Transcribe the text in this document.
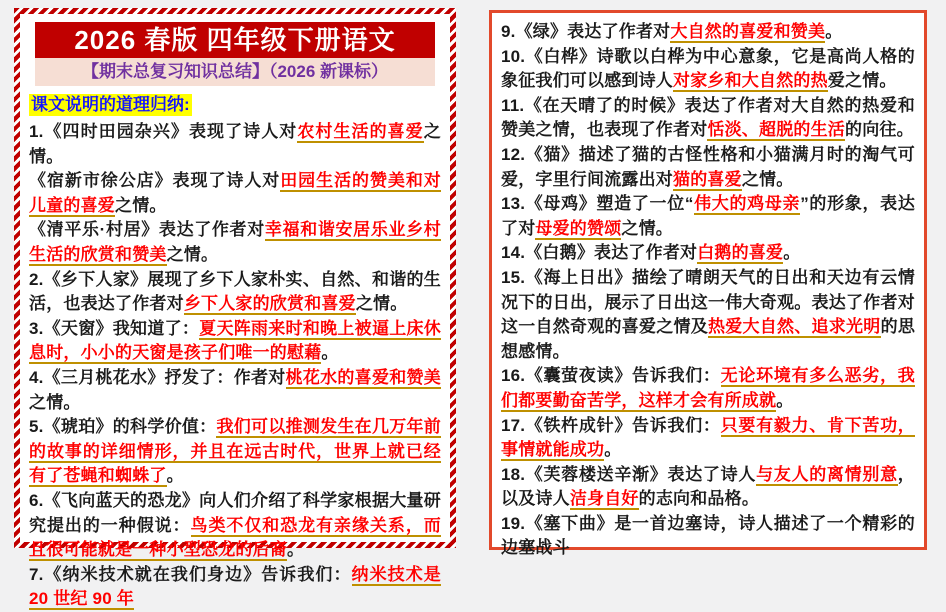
2026 春版 四年级下册语文
【期末总复习知识总结】（2026 新课标）
课文说明的道理归纳:

1.《四时田园杂兴》表现了诗人对农村生活的喜爱之情。

《宿新市徐公店》表现了诗人对田园生活的赞美和对儿童的喜爱之情。

《清平乐·村居》表达了作者对幸福和谐安居乐业乡村生活的欣赏和赞美之情。

2.《乡下人家》展现了乡下人家朴实、自然、和谐的生活，也表达了作者对乡下人家的欣赏和喜爱之情。

3.《天窗》我知道了：夏天阵雨来时和晚上被逼上床休息时，小小的天窗是孩子们唯一的慰藉。

4.《三月桃花水》抒发了：作者对桃花水的喜爱和赞美之情。

5.《琥珀》的科学价值：我们可以推测发生在几万年前的故事的详细情形，并且在远古时代，世界上就已经有了苍蝇和蜘蛛了。

6.《飞向蓝天的恐龙》向人们介绍了科学家根据大量研究提出的一种假说：鸟类不仅和恐龙有亲缘关系，而且很可能就是一种小型恐龙的后裔。

7.《纳米技术就在我们身边》告诉我们：纳米技术是 20 世纪 90 年

9.《绿》表达了作者对大自然的喜爱和赞美。

10.《白桦》诗歌以白桦为中心意象，它是高尚人格的象征我们可以感到诗人对家乡和大自然的热爱之情。

11.《在天晴了的时候》表达了作者对大自然的热爱和赞美之情，也表现了作者对恬淡、超脱的生活的向往。

12.《猫》描述了猫的古怪性格和小猫满月时的淘气可爱，字里行间流露出对猫的喜爱之情。

13.《母鸡》塑造了一位“伟大的鸡母亲”的形象，表达了对母爱的赞颂之情。

14.《白鹅》表达了作者对白鹅的喜爱。

15.《海上日出》描绘了晴朗天气的日出和天边有云情况下的日出，展示了日出这一伟大奇观。表达了作者对这一自然奇观的喜爱之情及热爱大自然、追求光明的思想感情。

16.《囊萤夜读》告诉我们：无论环境有多么恶劣，我们都要勤奋苦学，这样才会有所成就。

17.《铁杵成针》告诉我们：只要有毅力、肯下苦功，事情就能成功。

18.《芙蓉楼送辛渐》表达了诗人与友人的离情别意，以及诗人洁身自好的志向和品格。

19.《塞下曲》是一首边塞诗，诗人描述了一个精彩的边塞战斗
